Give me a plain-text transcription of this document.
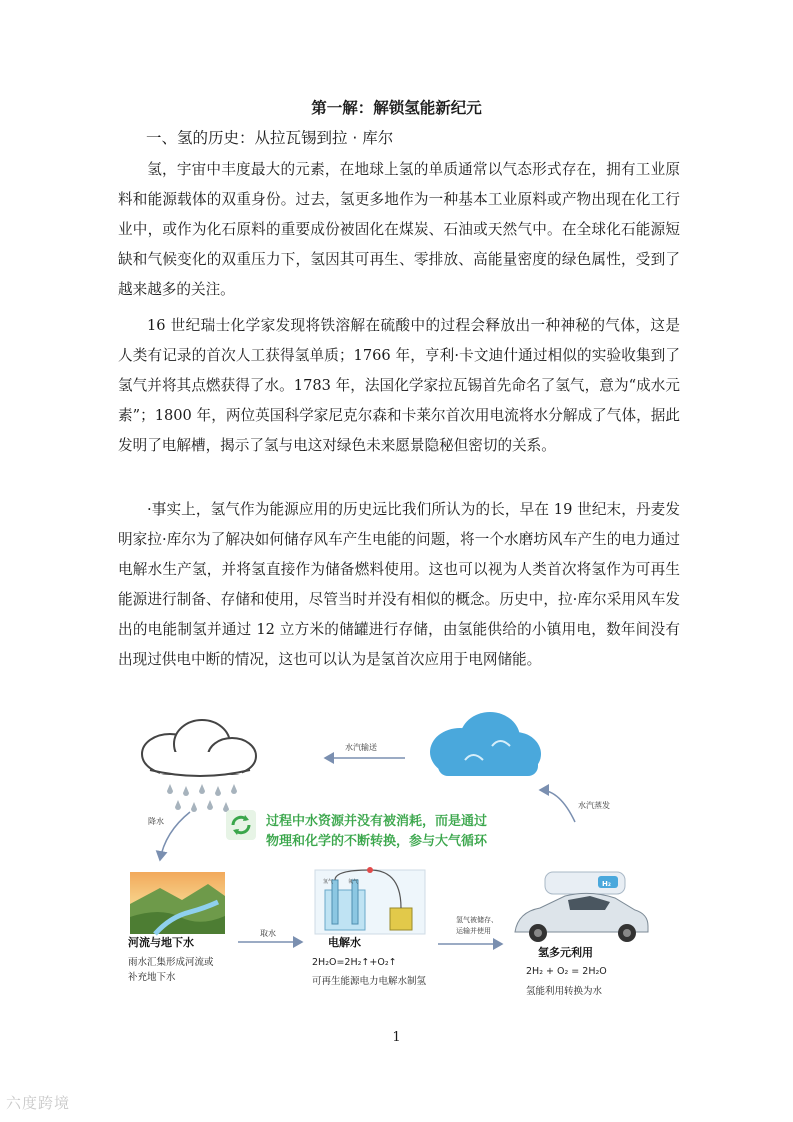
第一解：解锁氢能新纪元
一、氢的历史：从拉瓦锡到拉 · 库尔
氢，宇宙中丰度最大的元素，在地球上氢的单质通常以气态形式存在，拥有工业原料和能源载体的双重身份。过去，氢更多地作为一种基本工业原料或产物出现在化工行业中，或作为化石原料的重要成份被固化在煤炭、石油或天然气中。在全球化石能源短缺和气候变化的双重压力下，氢因其可再生、零排放、高能量密度的绿色属性，受到了越来越多的关注。
16 世纪瑞士化学家发现将铁溶解在硫酸中的过程会释放出一种神秘的气体，这是人类有记录的首次人工获得氢单质；1766 年，亨利·卡文迪什通过相似的实验收集到了氢气并将其点燃获得了水。1783 年，法国化学家拉瓦锡首先命名了氢气，意为“成水元素”；1800 年，两位英国科学家尼克尔森和卡莱尔首次用电流将水分解成了气体，据此发明了电解槽，揭示了氢与电这对绿色未来愿景隐秘但密切的关系。
·事实上，氢气作为能源应用的历史远比我们所认为的长，早在 19 世纪末，丹麦发明家拉·库尔为了解决如何储存风车产生电能的问题，将一个水磨坊风车产生的电力通过电解水生产氢，并将氢直接作为储备燃料使用。这也可以视为人类首次将氢作为可再生能源进行制备、存储和使用，尽管当时并没有相似的概念。历史中，拉·库尔采用风车发出的电能制氢并通过 12 立方米的储罐进行存储，由氢能供给的小镇用电，数年间没有出现过供电中断的情况，这也可以认为是氢首次应用于电网储能。
水汽输送
水汽蒸发
降水	过程中水资源并没有被消耗，而是通过
物理和化学的不断转换，参与大气循环
河流与地下水
雨水汇集形成河流或
补充地下水
取水
氢气	氧气
电解水
2H₂O=2H₂↑+O₂↑
可再生能源电力电解水制氢
氢气被储存、
运输并使用
H₂
氢多元利用
2H₂ + O₂ = 2H₂O
氢能利用转换为水
1
六度跨境
